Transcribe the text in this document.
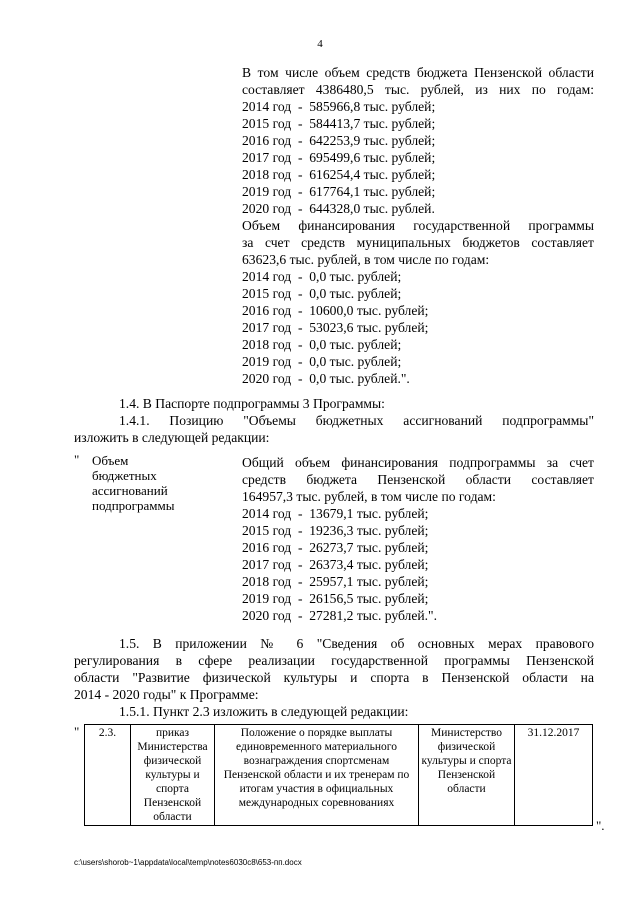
4
В том числе объем средств бюджета Пензенской области
составляет 4386480,5 тыс. рублей, из них по годам:
2014 год  -  585966,8 тыс. рублей;
2015 год  -  584413,7 тыс. рублей;
2016 год  -  642253,9 тыс. рублей;
2017 год  -  695499,6 тыс. рублей;
2018 год  -  616254,4 тыс. рублей;
2019 год  -  617764,1 тыс. рублей;
2020 год  -  644328,0 тыс. рублей.
Объем финансирования государственной программы
за счет средств муниципальных бюджетов составляет
63623,6 тыс. рублей, в том числе по годам:
2014 год  -  0,0 тыс. рублей;
2015 год  -  0,0 тыс. рублей;
2016 год  -  10600,0 тыс. рублей;
2017 год  -  53023,6 тыс. рублей;
2018 год  -  0,0 тыс. рублей;
2019 год  -  0,0 тыс. рублей;
2020 год  -  0,0 тыс. рублей.".
1.4. В Паспорте подпрограммы 3 Программы:
1.4.1. Позицию "Объемы бюджетных ассигнований подпрограммы"
изложить в следующей редакции:
" Объем
бюджетных
ассигнований
подпрограммы
Общий объем финансирования подпрограммы за счет
средств бюджета Пензенской области составляет
164957,3 тыс. рублей, в том числе по годам:
2014 год  -  13679,1 тыс. рублей;
2015 год  -  19236,3 тыс. рублей;
2016 год  -  26273,7 тыс. рублей;
2017 год  -  26373,4 тыс. рублей;
2018 год  -  25957,1 тыс. рублей;
2019 год  -  26156,5 тыс. рублей;
2020 год  -  27281,2 тыс. рублей.".
1.5. В приложении № 6 "Сведения об основных мерах правового
регулирования в сфере реализации государственной программы Пензенской
области "Развитие физической культуры и спорта в Пензенской области на
2014 - 2020 годы" к Программе:
1.5.1. Пункт 2.3 изложить в следующей редакции:
" 2.3.	приказ Министерства физической культуры и спорта Пензенской области	Положение о порядке выплаты единовременного материального вознаграждения спортсменам Пензенской области и их тренерам по итогам участия в официальных международных соревнованиях	Министерство физической культуры и спорта Пензенской области	31.12.2017
".
c:\users\shorob~1\appdata\local\temp\notes6030c8\653-пп.docx
